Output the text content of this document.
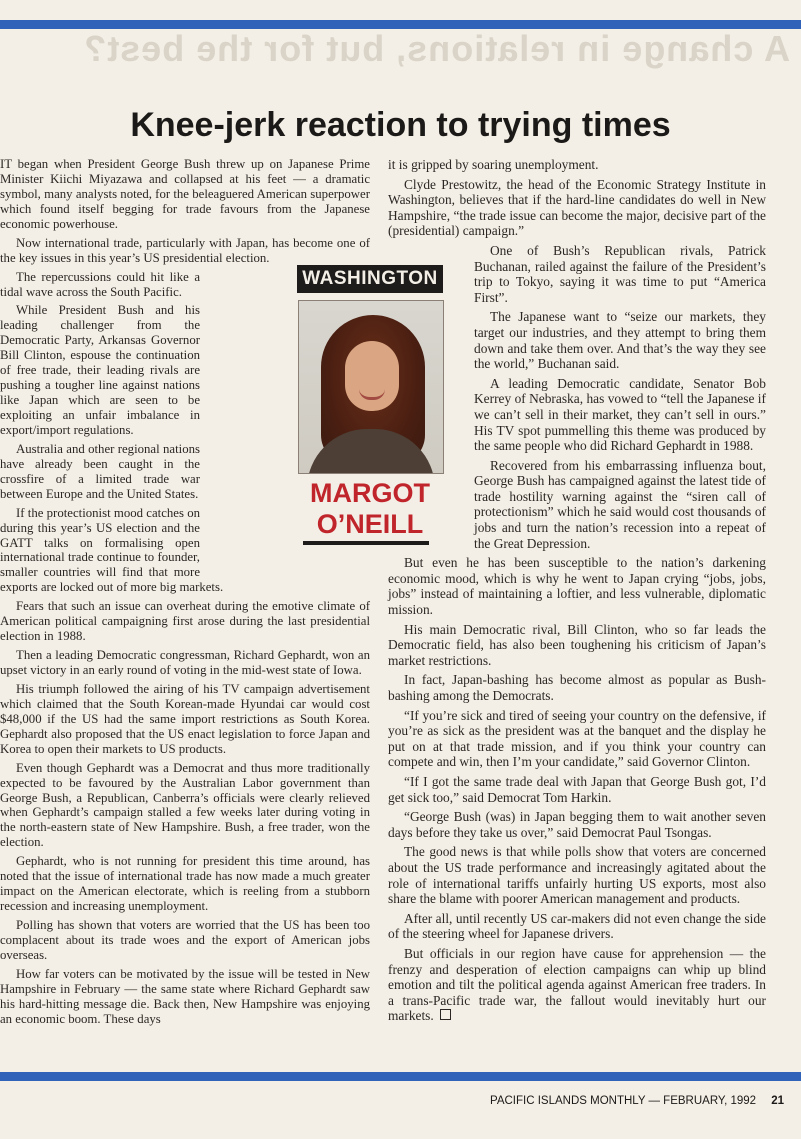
A change in relations, but for the best?
Knee-jerk reaction to trying times

IT began when President George Bush threw up on Japanese Prime Minister Kiichi Miyazawa and collapsed at his feet — a dramatic symbol, many analysts noted, for the beleaguered American superpower which found itself begging for trade favours from the Japanese economic powerhouse.

Now international trade, particularly with Japan, has become one of the key issues in this year’s US presidential election.

The repercussions could hit like a tidal wave across the South Pacific.

While President Bush and his leading challenger from the Democratic Party, Arkansas Governor Bill Clinton, espouse the continuation of free trade, their leading rivals are pushing a tougher line against nations like Japan which are seen to be exploiting an unfair imbalance in export/import regulations.

Australia and other regional nations have already been caught in the crossfire of a limited trade war between Europe and the United States.

If the protectionist mood catches on during this year’s US election and the GATT talks on formalising open international trade continue to founder, smaller countries will find that more exports are locked out of more big markets.

Fears that such an issue can overheat during the emotive climate of American political campaigning first arose during the last presidential election in 1988.

Then a leading Democratic congressman, Richard Gephardt, won an upset victory in an early round of voting in the mid-west state of Iowa.

His triumph followed the airing of his TV campaign advertisement which claimed that the South Korean-made Hyundai car would cost $48,000 if the US had the same import restrictions as South Korea. Gephardt also proposed that the US enact legislation to force Japan and Korea to open their markets to US products.

Even though Gephardt was a Democrat and thus more traditionally expected to be favoured by the Australian Labor government than George Bush, a Republican, Canberra’s officials were clearly relieved when Gephardt’s campaign stalled a few weeks later during voting in the north-eastern state of New Hampshire. Bush, a free trader, won the election.

Gephardt, who is not running for president this time around, has noted that the issue of international trade has now made a much greater impact on the American electorate, which is reeling from a stubborn recession and increasing unemployment.

Polling has shown that voters are worried that the US has been too complacent about its trade woes and the export of American jobs overseas.

How far voters can be motivated by the issue will be tested in New Hampshire in February — the same state where Richard Gephardt saw his hard-hitting message die. Back then, New Hampshire was enjoying an economic boom. These days

it is gripped by soaring unemployment.

Clyde Prestowitz, the head of the Economic Strategy Institute in Washington, believes that if the hard-line candidates do well in New Hampshire, “the trade issue can become the major, decisive part of the (presidential) campaign.”

One of Bush’s Republican rivals, Patrick Buchanan, railed against the failure of the President’s trip to Tokyo, saying it was time to put “America First”.

The Japanese want to “seize our markets, they target our industries, and they attempt to bring them down and take them over. And that’s the way they see the world,” Buchanan said.

A leading Democratic candidate, Senator Bob Kerrey of Nebraska, has vowed to “tell the Japanese if we can’t sell in their market, they can’t sell in ours.” His TV spot pummelling this theme was produced by the same people who did Richard Gephardt in 1988.

Recovered from his embarrassing influenza bout, George Bush has campaigned against the latest tide of trade hostility warning against the “siren call of protectionism” which he said would cost thousands of jobs and turn the nation’s recession into a repeat of the Great Depression.

But even he has been susceptible to the nation’s darkening economic mood, which is why he went to Japan crying “jobs, jobs, jobs” instead of maintaining a loftier, and less vulnerable, diplomatic mission.

His main Democratic rival, Bill Clinton, who so far leads the Democratic field, has also been toughening his criticism of Japan’s market restrictions.

In fact, Japan-bashing has become almost as popular as Bush-bashing among the Democrats.

“If you’re sick and tired of seeing your country on the defensive, if you’re as sick as the president was at the banquet and the display he put on at that trade mission, and if you think your country can compete and win, then I’m your candidate,” said Governor Clinton.

“If I got the same trade deal with Japan that George Bush got, I’d get sick too,” said Democrat Tom Harkin.

“George Bush (was) in Japan begging them to wait another seven days before they take us over,” said Democrat Paul Tsongas.

The good news is that while polls show that voters are concerned about the US trade performance and increasingly agitated about the role of international tariffs unfairly hurting US exports, most also share the blame with poorer American management and products.

After all, until recently US car-makers did not even change the side of the steering wheel for Japanese drivers.

But officials in our region have cause for apprehension — the frenzy and desperation of election campaigns can whip up blind emotion and tilt the political agenda against American free traders. In a trans-Pacific trade war, the fallout would inevitably hurt our markets.

WASHINGTON
MARGOT
O’NEILL
PACIFIC ISLANDS MONTHLY — FEBRUARY, 1992 21
